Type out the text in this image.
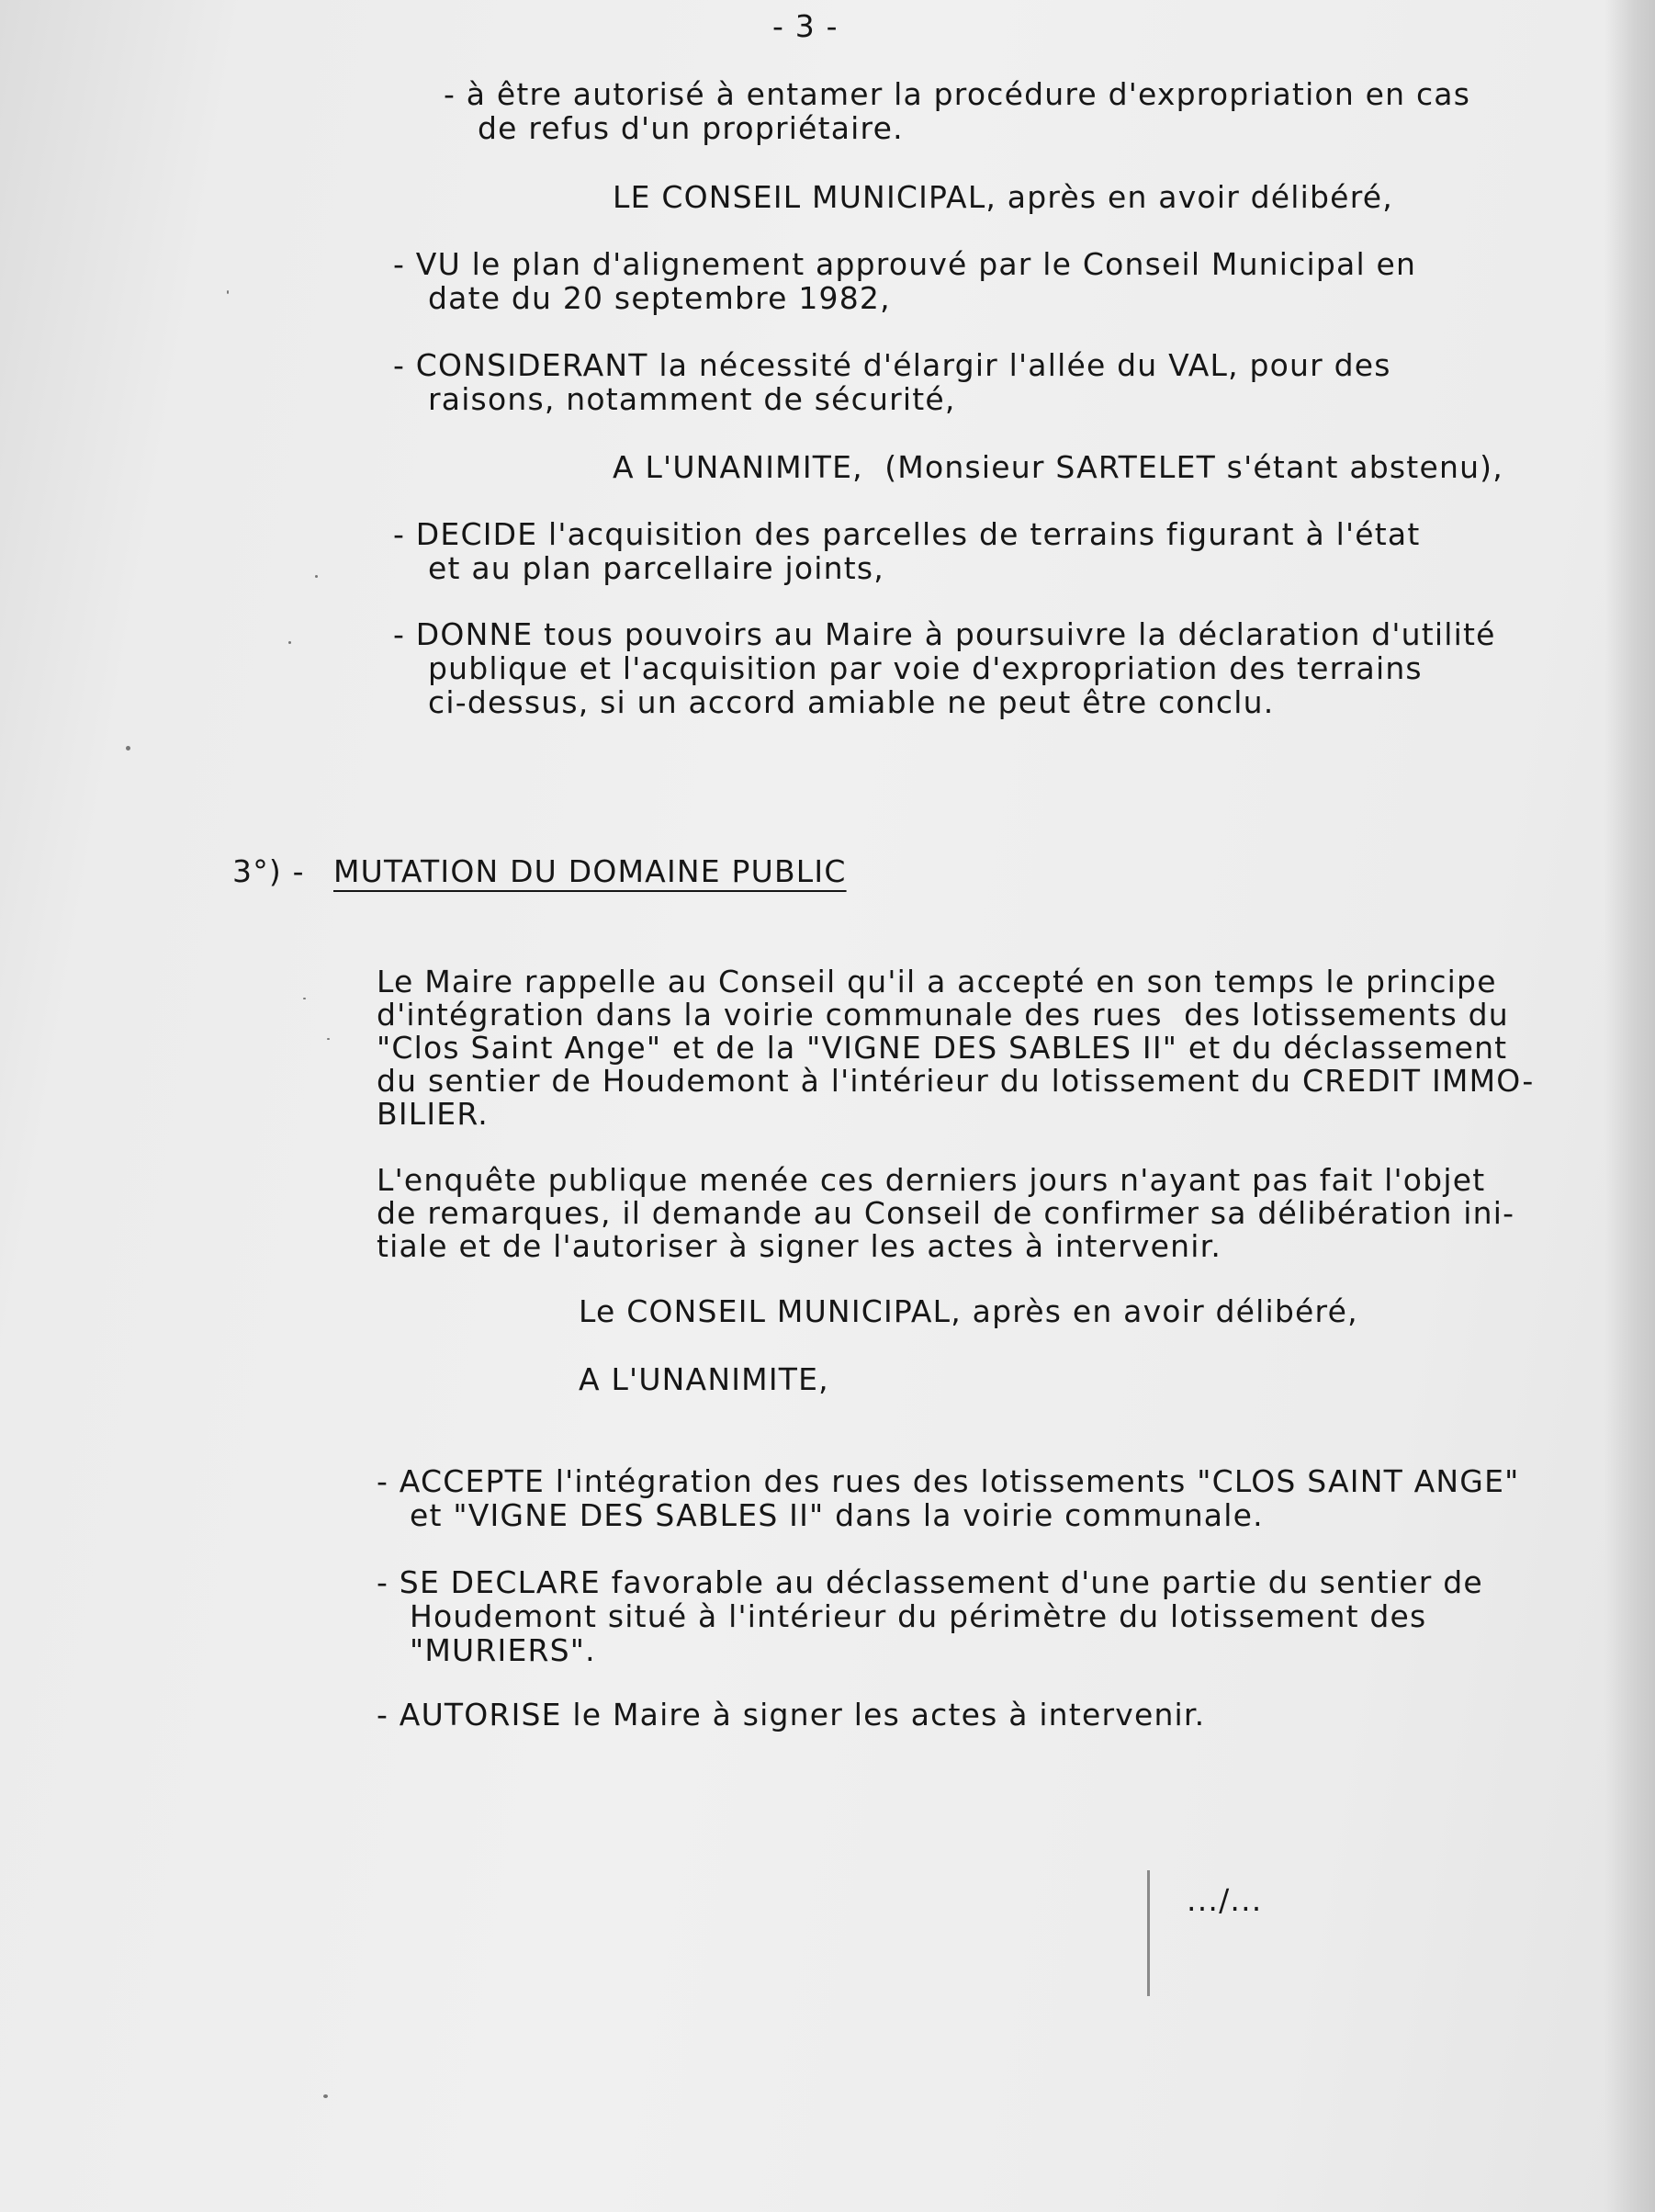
- 3 -
- à être autorisé à entamer la procédure d'expropriation en cas
de refus d'un propriétaire.
LE CONSEIL MUNICIPAL, après en avoir délibéré,
- VU le plan d'alignement approuvé par le Conseil Municipal en
date du 20 septembre 1982,
- CONSIDERANT la nécessité d'élargir l'allée du VAL, pour des
raisons, notamment de sécurité,
A L'UNANIMITE,  (Monsieur SARTELET s'étant abstenu),
- DECIDE l'acquisition des parcelles de terrains figurant à l'état
et au plan parcellaire joints,
- DONNE tous pouvoirs au Maire à poursuivre la déclaration d'utilité
publique et l'acquisition par voie d'expropriation des terrains
ci-dessus, si un accord amiable ne peut être conclu.
3°) - MUTATION DU DOMAINE PUBLIC
Le Maire rappelle au Conseil qu'il a accepté en son temps le principe
d'intégration dans la voirie communale des rues  des lotissements du
"Clos Saint Ange" et de la "VIGNE DES SABLES II" et du déclassement
du sentier de Houdemont à l'intérieur du lotissement du CREDIT IMMO-
BILIER.
L'enquête publique menée ces derniers jours n'ayant pas fait l'objet
de remarques, il demande au Conseil de confirmer sa délibération ini-
tiale et de l'autoriser à signer les actes à intervenir.
Le CONSEIL MUNICIPAL, après en avoir délibéré,
A L'UNANIMITE,
- ACCEPTE l'intégration des rues des lotissements "CLOS SAINT ANGE"
et "VIGNE DES SABLES II" dans la voirie communale.
- SE DECLARE favorable au déclassement d'une partie du sentier de
Houdemont situé à l'intérieur du périmètre du lotissement des
"MURIERS".
- AUTORISE le Maire à signer les actes à intervenir.
.../...
